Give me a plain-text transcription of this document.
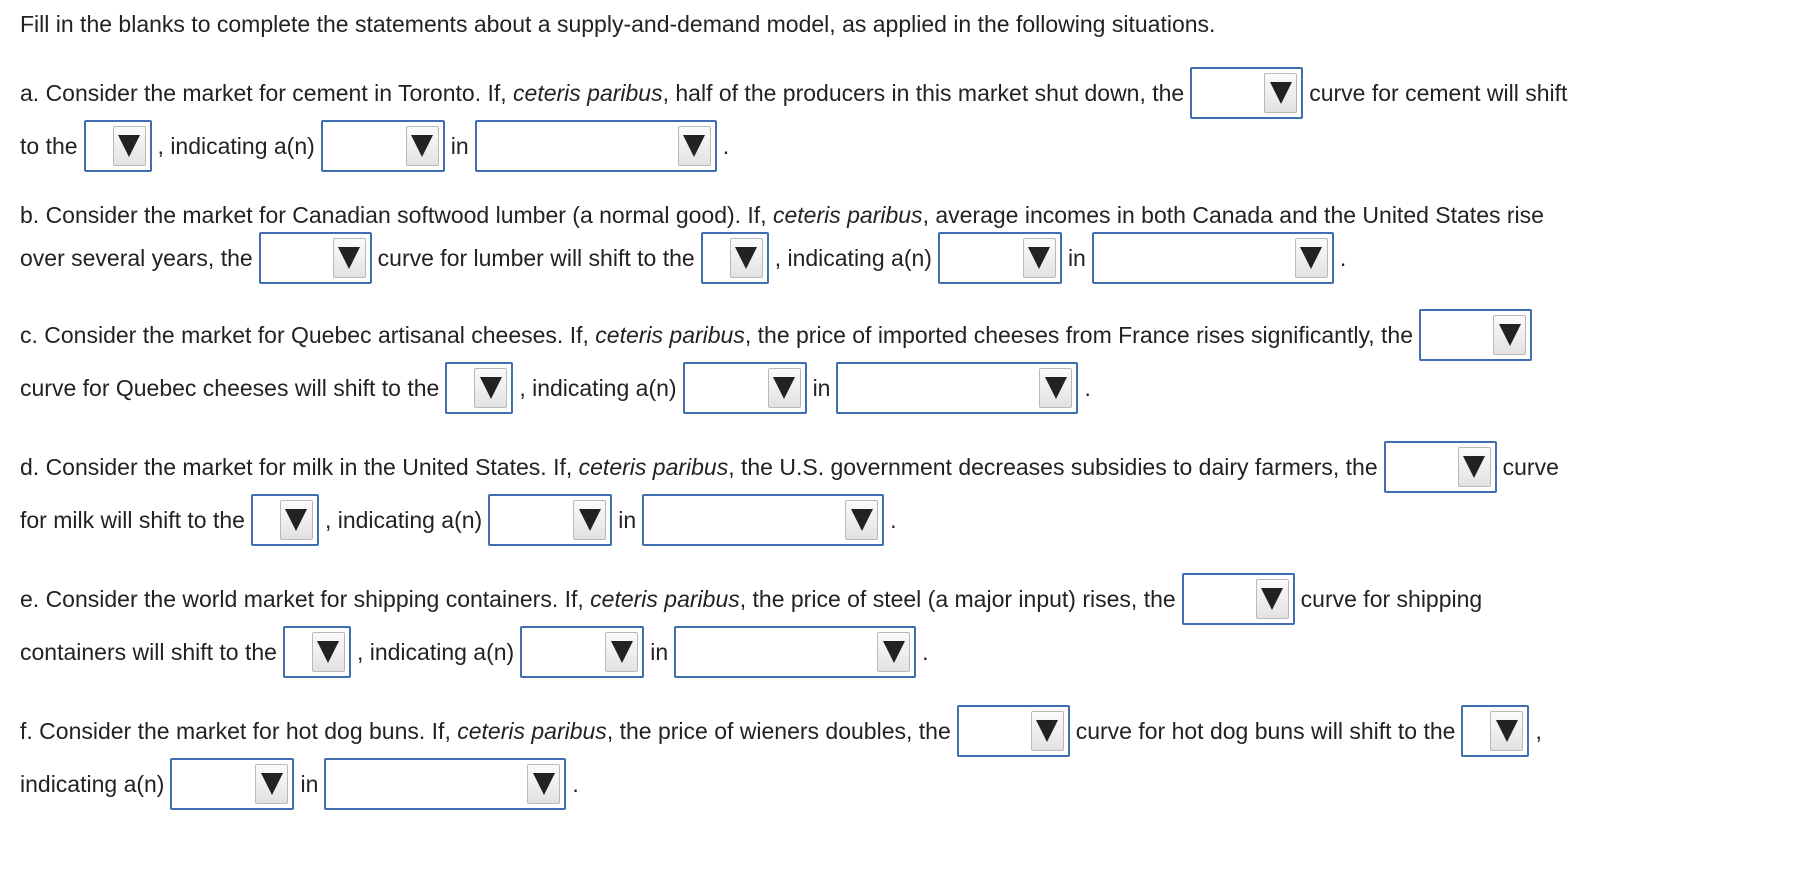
Fill in the blanks to complete the statements about a supply-and-demand model, as applied in the following situations.
a. Consider the market for cement in Toronto. If,
ceteris paribus , half of the producers in this market shut down, the	curve for cement will shift
to the	, indicating a(n)	in	.
b. Consider the market for Canadian softwood lumber (a normal good). If,
ceteris paribus , average incomes in both Canada and the United States rise
over several years, the	curve for lumber will shift to the	, indicating a(n)	in	.
c. Consider the market for Quebec artisanal cheeses. If,
ceteris paribus , the price of imported cheeses from France rises significantly, the
curve for Quebec cheeses will shift to the	, indicating a(n)	in	.
d. Consider the market for milk in the United States. If,
ceteris paribus , the U.S. government decreases subsidies to dairy farmers, the	curve
for milk will shift to the	, indicating a(n)	in	.
e. Consider the world market for shipping containers. If,
ceteris paribus , the price of steel (a major input) rises, the	curve for shipping
containers will shift to the	, indicating a(n)	in	.
f. Consider the market for hot dog buns. If,
ceteris paribus , the price of wieners doubles, the	curve for hot dog buns will shift to the	,
indicating a(n)	in	.
